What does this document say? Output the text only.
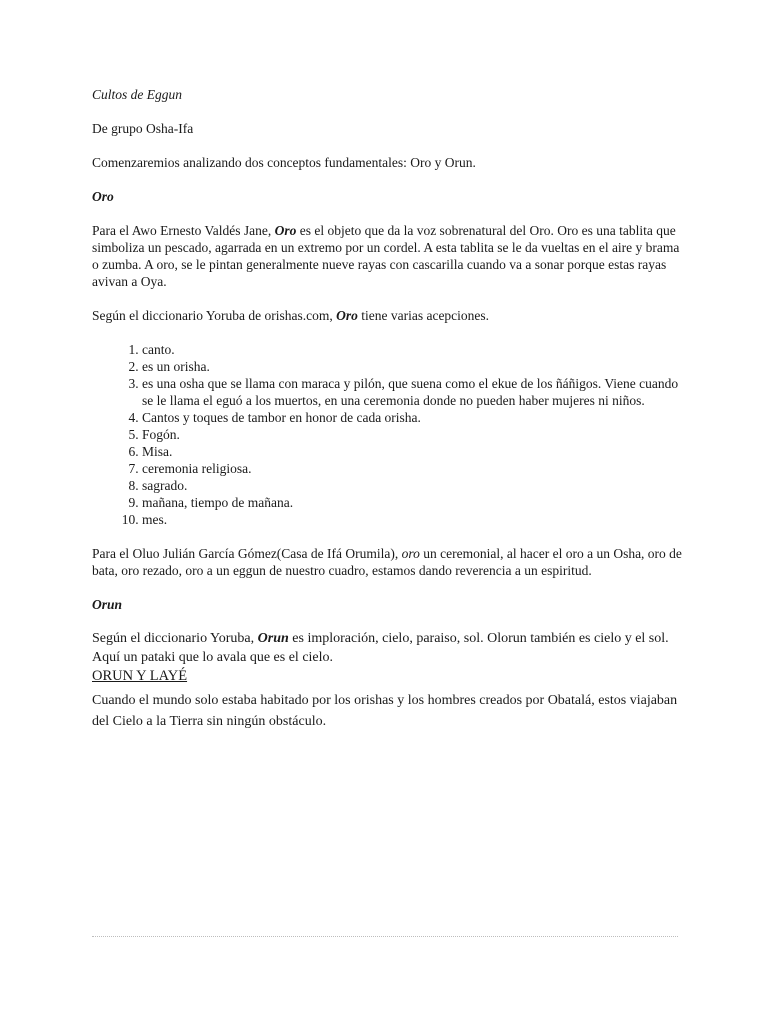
Cultos de Eggun

De grupo Osha-Ifa

Comenzaremios analizando dos conceptos fundamentales: Oro y Orun.

Oro

Para el Awo Ernesto Valdés Jane, Oro es el objeto que da la voz sobrenatural del Oro. Oro es una tablita que simboliza un pescado, agarrada en un extremo por un cordel. A esta tablita se le da vueltas en el aire y brama o zumba. A oro, se le pintan generalmente nueve rayas con cascarilla cuando va a sonar porque estas rayas avivan a Oya.

Según el diccionario Yoruba de orishas.com, Oro tiene varias acepciones.

1. canto.
2. es un orisha.
3. es una osha que se llama con maraca y pilón, que suena como el ekue de los ñáñigos. Viene cuando se le llama el eguó a los muertos, en una ceremonia donde no pueden haber mujeres ni niños.
4. Cantos y toques de tambor en honor de cada orisha.
5. Fogón.
6. Misa.
7. ceremonia religiosa.
8. sagrado.
9. mañana, tiempo de mañana.
10. mes.

Para el Oluo Julián García Gómez(Casa de Ifá Orumila), oro un ceremonial, al hacer el oro a un Osha, oro de bata, oro rezado, oro a un eggun de nuestro cuadro, estamos dando reverencia a un espiritud.

Orun

Según el diccionario Yoruba, Orun es imploración, cielo, paraiso, sol. Olorun también es cielo y el sol.

Aquí un pataki que lo avala que es el cielo.

ORUN Y LAYÉ

Cuando el mundo solo estaba habitado por los orishas y los hombres creados por Obatalá, estos viajaban del Cielo a la Tierra sin ningún obstáculo.
